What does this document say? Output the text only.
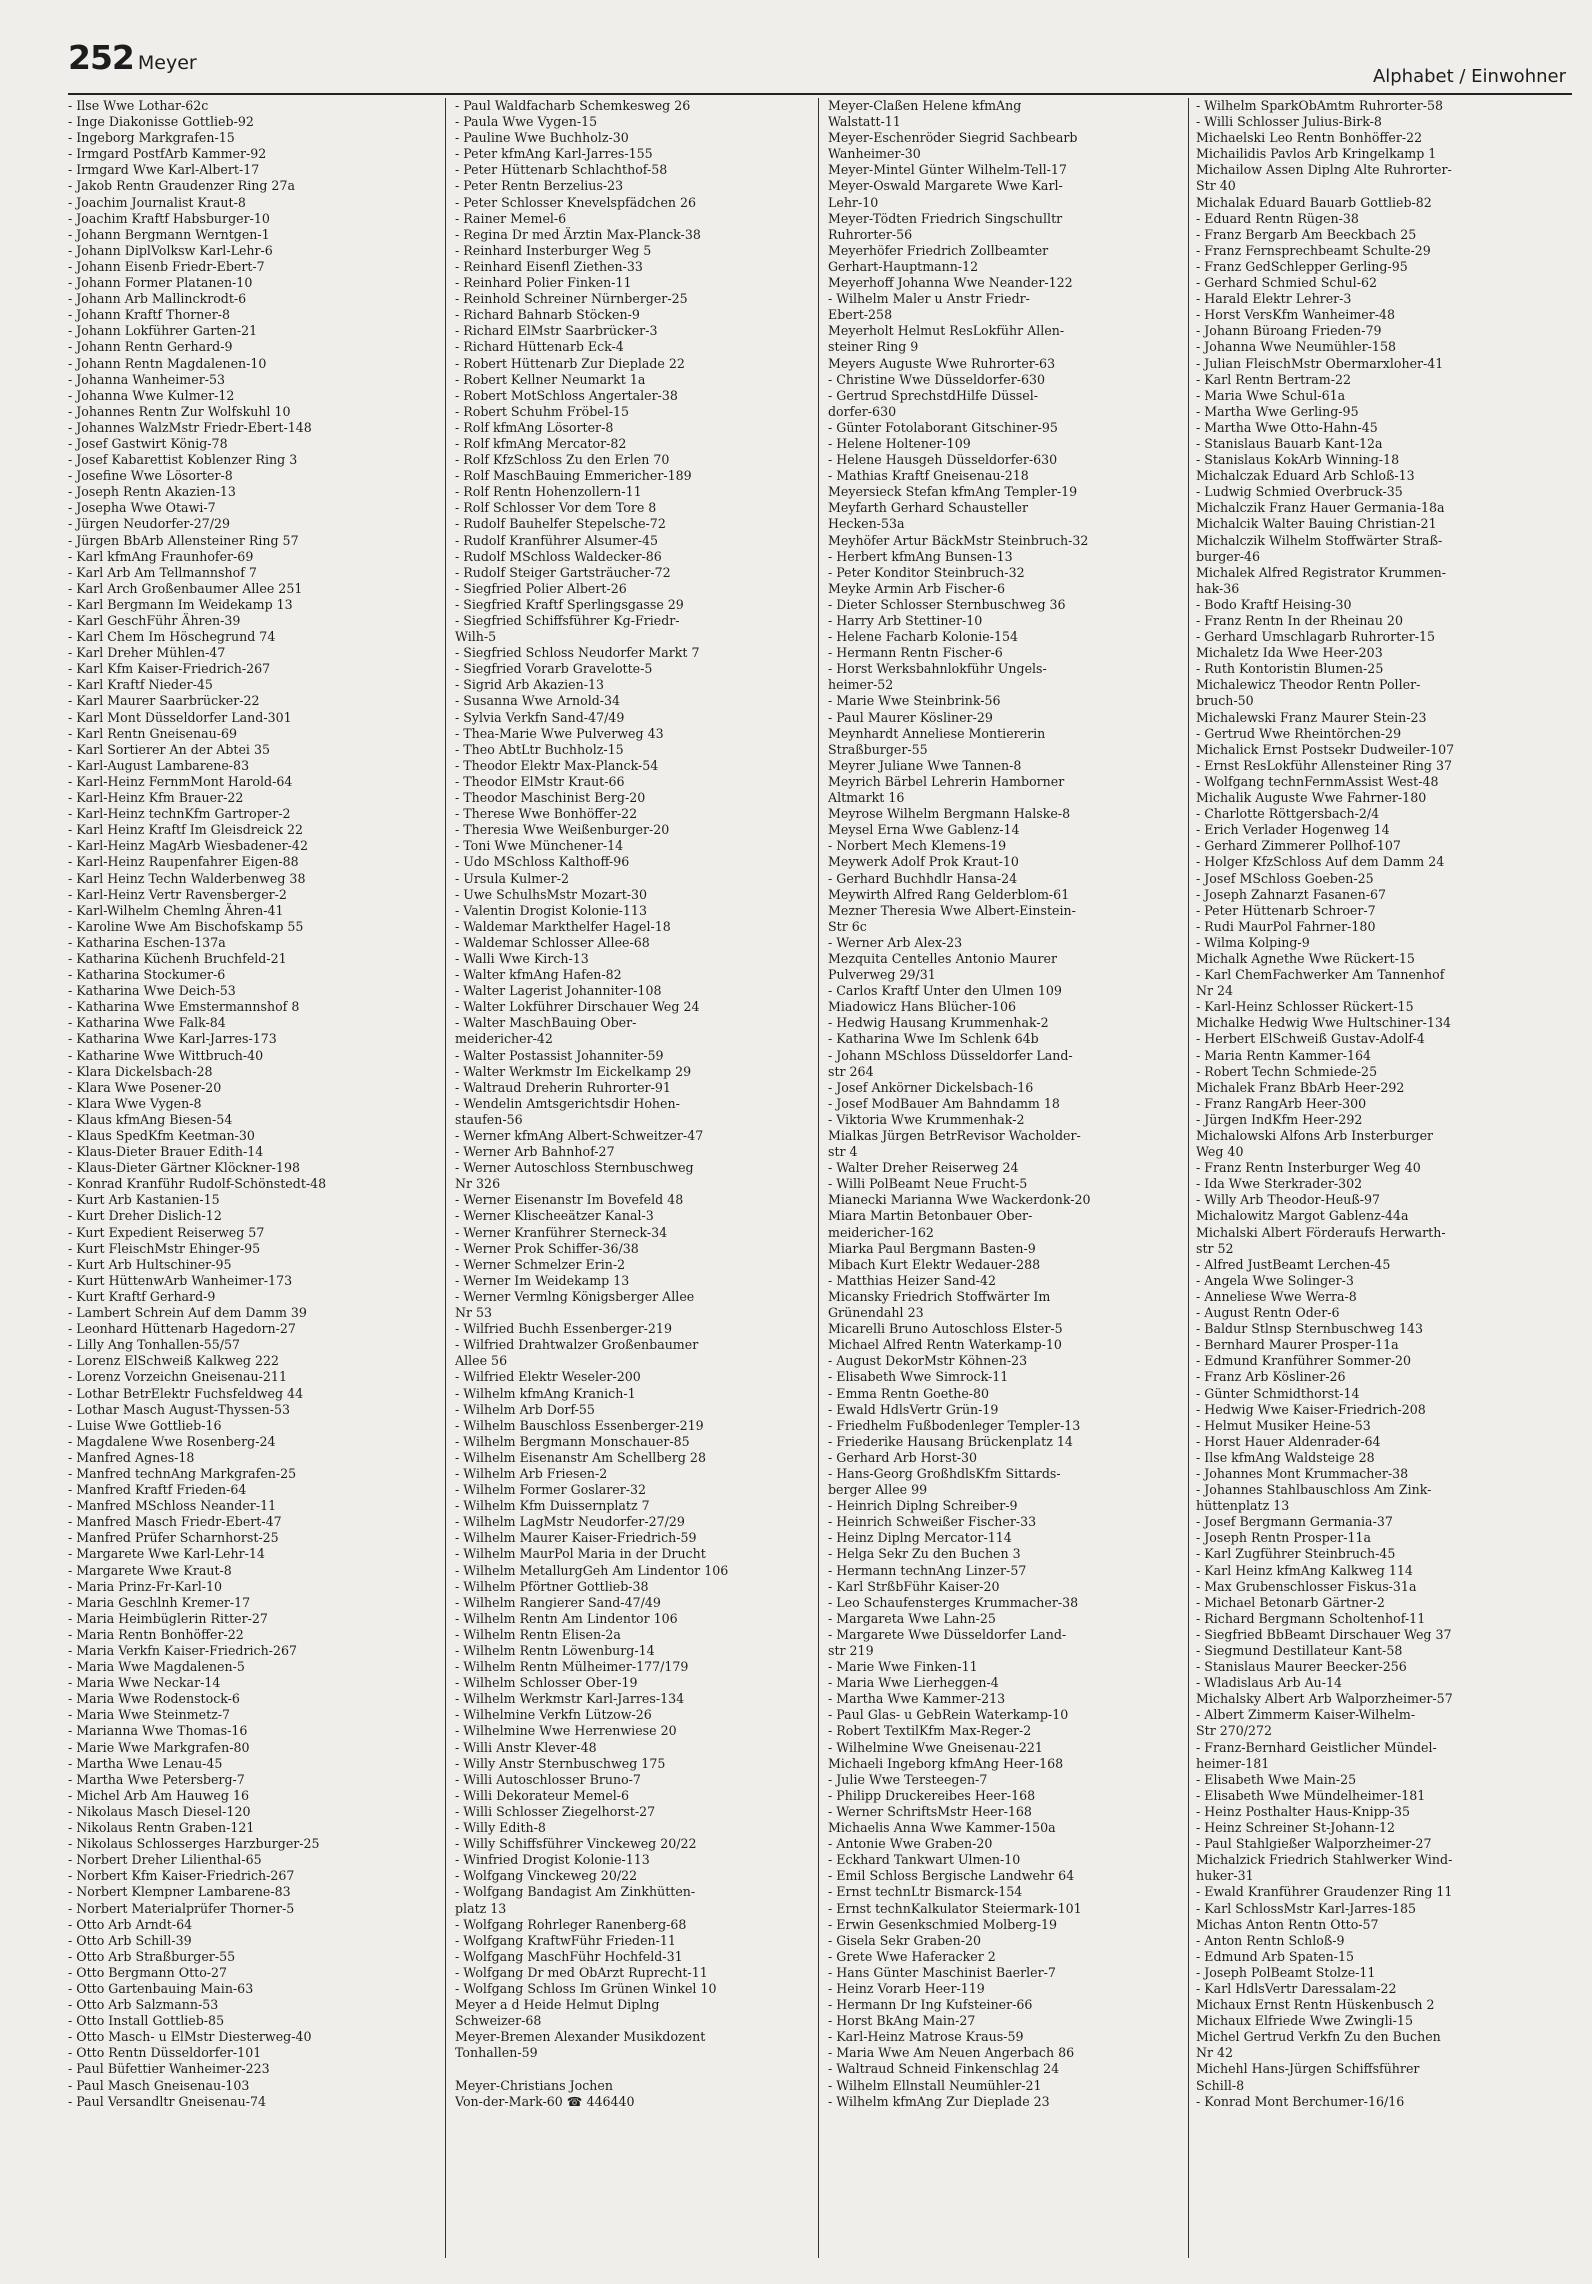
252 Meyer
Alphabet / Einwohner
- Ilse Wwe Lothar-62c
- Inge Diakonisse Gottlieb-92
- Ingeborg Markgrafen-15
- Irmgard PostfArb Kammer-92
- Irmgard Wwe Karl-Albert-17
- Jakob Rentn Graudenzer Ring 27a
- Joachim Journalist Kraut-8
- Joachim Kraftf Habsburger-10
- Johann Bergmann Werntgen-1
- Johann DiplVolksw Karl-Lehr-6
- Johann Eisenb Friedr-Ebert-7
- Johann Former Platanen-10
- Johann Arb Mallinckrodt-6
- Johann Kraftf Thorner-8
- Johann Lokführer Garten-21
- Johann Rentn Gerhard-9
- Johann Rentn Magdalenen-10
- Johanna Wanheimer-53
- Johanna Wwe Kulmer-12
- Johannes Rentn Zur Wolfskuhl 10
- Johannes WalzMstr Friedr-Ebert-148
- Josef Gastwirt König-78
- Josef Kabarettist Koblenzer Ring 3
- Josefine Wwe Lösorter-8
- Joseph Rentn Akazien-13
- Josepha Wwe Otawi-7
- Jürgen Neudorfer-27/29
- Jürgen BbArb Allensteiner Ring 57
- Karl kfmAng Fraunhofer-69
- Karl Arb Am Tellmannshof 7
- Karl Arch Großenbaumer Allee 251
- Karl Bergmann Im Weidekamp 13
- Karl GeschFühr Ähren-39
- Karl Chem Im Höschegrund 74
- Karl Dreher Mühlen-47
- Karl Kfm Kaiser-Friedrich-267
- Karl Kraftf Nieder-45
- Karl Maurer Saarbrücker-22
- Karl Mont Düsseldorfer Land-301
- Karl Rentn Gneisenau-69
- Karl Sortierer An der Abtei 35
- Karl-August Lambarene-83
- Karl-Heinz FernmMont Harold-64
- Karl-Heinz Kfm Brauer-22
- Karl-Heinz technKfm Gartroper-2
- Karl Heinz Kraftf Im Gleisdreick 22
- Karl-Heinz MagArb Wiesbadener-42
- Karl-Heinz Raupenfahrer Eigen-88
- Karl Heinz Techn Walderbenweg 38
- Karl-Heinz Vertr Ravensberger-2
- Karl-Wilhelm Chemlng Ähren-41
- Karoline Wwe Am Bischofskamp 55
- Katharina Eschen-137a
- Katharina Küchenh Bruchfeld-21
- Katharina Stockumer-6
- Katharina Wwe Deich-53
- Katharina Wwe Emstermannshof 8
- Katharina Wwe Falk-84
- Katharina Wwe Karl-Jarres-173
- Katharine Wwe Wittbruch-40
- Klara Dickelsbach-28
- Klara Wwe Posener-20
- Klara Wwe Vygen-8
- Klaus kfmAng Biesen-54
- Klaus SpedKfm Keetman-30
- Klaus-Dieter Brauer Edith-14
- Klaus-Dieter Gärtner Klöckner-198
- Konrad Kranführ Rudolf-Schönstedt-48
- Kurt Arb Kastanien-15
- Kurt Dreher Dislich-12
- Kurt Expedient Reiserweg 57
- Kurt FleischMstr Ehinger-95
- Kurt Arb Hultschiner-95
- Kurt HüttenwArb Wanheimer-173
- Kurt Kraftf Gerhard-9
- Lambert Schrein Auf dem Damm 39
- Leonhard Hüttenarb Hagedorn-27
- Lilly Ang Tonhallen-55/57
- Lorenz ElSchweiß Kalkweg 222
- Lorenz Vorzeichn Gneisenau-211
- Lothar BetrElektr Fuchsfeldweg 44
- Lothar Masch August-Thyssen-53
- Luise Wwe Gottlieb-16
- Magdalene Wwe Rosenberg-24
- Manfred Agnes-18
- Manfred technAng Markgrafen-25
- Manfred Kraftf Frieden-64
- Manfred MSchloss Neander-11
- Manfred Masch Friedr-Ebert-47
- Manfred Prüfer Scharnhorst-25
- Margarete Wwe Karl-Lehr-14
- Margarete Wwe Kraut-8
- Maria Prinz-Fr-Karl-10
- Maria Geschlnh Kremer-17
- Maria Heimbüglerin Ritter-27
- Maria Rentn Bonhöffer-22
- Maria Verkfn Kaiser-Friedrich-267
- Maria Wwe Magdalenen-5
- Maria Wwe Neckar-14
- Maria Wwe Rodenstock-6
- Maria Wwe Steinmetz-7
- Marianna Wwe Thomas-16
- Marie Wwe Markgrafen-80
- Martha Wwe Lenau-45
- Martha Wwe Petersberg-7
- Michel Arb Am Hauweg 16
- Nikolaus Masch Diesel-120
- Nikolaus Rentn Graben-121
- Nikolaus Schlosserges Harzburger-25
- Norbert Dreher Lilienthal-65
- Norbert Kfm Kaiser-Friedrich-267
- Norbert Klempner Lambarene-83
- Norbert Materialprüfer Thorner-5
- Otto Arb Arndt-64
- Otto Arb Schill-39
- Otto Arb Straßburger-55
- Otto Bergmann Otto-27
- Otto Gartenbauing Main-63
- Otto Arb Salzmann-53
- Otto Install Gottlieb-85
- Otto Masch- u ElMstr Diesterweg-40
- Otto Rentn Düsseldorfer-101
- Paul Büfettier Wanheimer-223
- Paul Masch Gneisenau-103
- Paul Versandltr Gneisenau-74
- Paul Waldfacharb Schemkesweg 26
- Paula Wwe Vygen-15
- Pauline Wwe Buchholz-30
- Peter kfmAng Karl-Jarres-155
- Peter Hüttenarb Schlachthof-58
- Peter Rentn Berzelius-23
- Peter Schlosser Knevelspfädchen 26
- Rainer Memel-6
- Regina Dr med Ärztin Max-Planck-38
- Reinhard Insterburger Weg 5
- Reinhard Eisenfl Ziethen-33
- Reinhard Polier Finken-11
- Reinhold Schreiner Nürnberger-25
- Richard Bahnarb Stöcken-9
- Richard ElMstr Saarbrücker-3
- Richard Hüttenarb Eck-4
- Robert Hüttenarb Zur Dieplade 22
- Robert Kellner Neumarkt 1a
- Robert MotSchloss Angertaler-38
- Robert Schuhm Fröbel-15
- Rolf kfmAng Lösorter-8
- Rolf kfmAng Mercator-82
- Rolf KfzSchloss Zu den Erlen 70
- Rolf MaschBauing Emmericher-189
- Rolf Rentn Hohenzollern-11
- Rolf Schlosser Vor dem Tore 8
- Rudolf Bauhelfer Stepelsche-72
- Rudolf Kranführer Alsumer-45
- Rudolf MSchloss Waldecker-86
- Rudolf Steiger Gartsträucher-72
- Siegfried Polier Albert-26
- Siegfried Kraftf Sperlingsgasse 29
- Siegfried Schiffsführer Kg-Friedr-
Wilh-5
- Siegfried Schloss Neudorfer Markt 7
- Siegfried Vorarb Gravelotte-5
- Sigrid Arb Akazien-13
- Susanna Wwe Arnold-34
- Sylvia Verkfn Sand-47/49
- Thea-Marie Wwe Pulverweg 43
- Theo AbtLtr Buchholz-15
- Theodor Elektr Max-Planck-54
- Theodor ElMstr Kraut-66
- Theodor Maschinist Berg-20
- Therese Wwe Bonhöffer-22
- Theresia Wwe Weißenburger-20
- Toni Wwe Münchener-14
- Udo MSchloss Kalthoff-96
- Ursula Kulmer-2
- Uwe SchulhsMstr Mozart-30
- Valentin Drogist Kolonie-113
- Waldemar Markthelfer Hagel-18
- Waldemar Schlosser Allee-68
- Walli Wwe Kirch-13
- Walter kfmAng Hafen-82
- Walter Lagerist Johanniter-108
- Walter Lokführer Dirschauer Weg 24
- Walter MaschBauing Ober-
meidericher-42
- Walter Postassist Johanniter-59
- Walter Werkmstr Im Eickelkamp 29
- Waltraud Dreherin Ruhrorter-91
- Wendelin Amtsgerichtsdir Hohen-
staufen-56
- Werner kfmAng Albert-Schweitzer-47
- Werner Arb Bahnhof-27
- Werner Autoschloss Sternbuschweg
Nr 326
- Werner Eisenanstr Im Bovefeld 48
- Werner Klischeeätzer Kanal-3
- Werner Kranführer Sterneck-34
- Werner Prok Schiffer-36/38
- Werner Schmelzer Erin-2
- Werner Im Weidekamp 13
- Werner Vermlng Königsberger Allee
Nr 53
- Wilfried Buchh Essenberger-219
- Wilfried Drahtwalzer Großenbaumer
Allee 56
- Wilfried Elektr Weseler-200
- Wilhelm kfmAng Kranich-1
- Wilhelm Arb Dorf-55
- Wilhelm Bauschloss Essenberger-219
- Wilhelm Bergmann Monschauer-85
- Wilhelm Eisenanstr Am Schellberg 28
- Wilhelm Arb Friesen-2
- Wilhelm Former Goslarer-32
- Wilhelm Kfm Duissernplatz 7
- Wilhelm LagMstr Neudorfer-27/29
- Wilhelm Maurer Kaiser-Friedrich-59
- Wilhelm MaurPol Maria in der Drucht
- Wilhelm MetallurgGeh Am Lindentor 106
- Wilhelm Pförtner Gottlieb-38
- Wilhelm Rangierer Sand-47/49
- Wilhelm Rentn Am Lindentor 106
- Wilhelm Rentn Elisen-2a
- Wilhelm Rentn Löwenburg-14
- Wilhelm Rentn Mülheimer-177/179
- Wilhelm Schlosser Ober-19
- Wilhelm Werkmstr Karl-Jarres-134
- Wilhelmine Verkfn Lützow-26
- Wilhelmine Wwe Herrenwiese 20
- Willi Anstr Klever-48
- Willy Anstr Sternbuschweg 175
- Willi Autoschlosser Bruno-7
- Willi Dekorateur Memel-6
- Willi Schlosser Ziegelhorst-27
- Willy Edith-8
- Willy Schiffsführer Vinckeweg 20/22
- Winfried Drogist Kolonie-113
- Wolfgang Vinckeweg 20/22
- Wolfgang Bandagist Am Zinkhütten-
platz 13
- Wolfgang Rohrleger Ranenberg-68
- Wolfgang KraftwFühr Frieden-11
- Wolfgang MaschFühr Hochfeld-31
- Wolfgang Dr med ObArzt Ruprecht-11
- Wolfgang Schloss Im Grünen Winkel 10
Meyer a d Heide Helmut Diplng
Schweizer-68
Meyer-Bremen Alexander Musikdozent
Tonhallen-59

Meyer-Christians Jochen
Von-der-Mark-60 ☎ 446440
Meyer-Claßen Helene kfmAng
Walstatt-11
Meyer-Eschenröder Siegrid Sachbearb
Wanheimer-30
Meyer-Mintel Günter Wilhelm-Tell-17
Meyer-Oswald Margarete Wwe Karl-
Lehr-10
Meyer-Tödten Friedrich Singschulltr
Ruhrorter-56
Meyerhöfer Friedrich Zollbeamter
Gerhart-Hauptmann-12
Meyerhoff Johanna Wwe Neander-122
- Wilhelm Maler u Anstr Friedr-
Ebert-258
Meyerholt Helmut ResLokführ Allen-
steiner Ring 9
Meyers Auguste Wwe Ruhrorter-63
- Christine Wwe Düsseldorfer-630
- Gertrud SprechstdHilfe Düssel-
dorfer-630
- Günter Fotolaborant Gitschiner-95
- Helene Holtener-109
- Helene Hausgeh Düsseldorfer-630
- Mathias Kraftf Gneisenau-218
Meyersieck Stefan kfmAng Templer-19
Meyfarth Gerhard Schausteller
Hecken-53a
Meyhöfer Artur BäckMstr Steinbruch-32
- Herbert kfmAng Bunsen-13
- Peter Konditor Steinbruch-32
Meyke Armin Arb Fischer-6
- Dieter Schlosser Sternbuschweg 36
- Harry Arb Stettiner-10
- Helene Facharb Kolonie-154
- Hermann Rentn Fischer-6
- Horst Werksbahnlokführ Ungels-
heimer-52
- Marie Wwe Steinbrink-56
- Paul Maurer Kösliner-29
Meynhardt Anneliese Montiererin
Straßburger-55
Meyrer Juliane Wwe Tannen-8
Meyrich Bärbel Lehrerin Hamborner
Altmarkt 16
Meyrose Wilhelm Bergmann Halske-8
Meysel Erna Wwe Gablenz-14
- Norbert Mech Klemens-19
Meywerk Adolf Prok Kraut-10
- Gerhard Buchhdlr Hansa-24
Meywirth Alfred Rang Gelderblom-61
Mezner Theresia Wwe Albert-Einstein-
Str 6c
- Werner Arb Alex-23
Mezquita Centelles Antonio Maurer
Pulverweg 29/31
- Carlos Kraftf Unter den Ulmen 109
Miadowicz Hans Blücher-106
- Hedwig Hausang Krummenhak-2
- Katharina Wwe Im Schlenk 64b
- Johann MSchloss Düsseldorfer Land-
str 264
- Josef Ankörner Dickelsbach-16
- Josef ModBauer Am Bahndamm 18
- Viktoria Wwe Krummenhak-2
Mialkas Jürgen BetrRevisor Wacholder-
str 4
- Walter Dreher Reiserweg 24
- Willi PolBeamt Neue Frucht-5
Mianecki Marianna Wwe Wackerdonk-20
Miara Martin Betonbauer Ober-
meidericher-162
Miarka Paul Bergmann Basten-9
Mibach Kurt Elektr Wedauer-288
- Matthias Heizer Sand-42
Micansky Friedrich Stoffwärter Im
Grünendahl 23
Micarelli Bruno Autoschloss Elster-5
Michael Alfred Rentn Waterkamp-10
- August DekorMstr Köhnen-23
- Elisabeth Wwe Simrock-11
- Emma Rentn Goethe-80
- Ewald HdlsVertr Grün-19
- Friedhelm Fußbodenleger Templer-13
- Friederike Hausang Brückenplatz 14
- Gerhard Arb Horst-30
- Hans-Georg GroßhdlsKfm Sittards-
berger Allee 99
- Heinrich Diplng Schreiber-9
- Heinrich Schweißer Fischer-33
- Heinz Diplng Mercator-114
- Helga Sekr Zu den Buchen 3
- Hermann technAng Linzer-57
- Karl StrßbFühr Kaiser-20
- Leo Schaufensterges Krummacher-38
- Margareta Wwe Lahn-25
- Margarete Wwe Düsseldorfer Land-
str 219
- Marie Wwe Finken-11
- Maria Wwe Lierheggen-4
- Martha Wwe Kammer-213
- Paul Glas- u GebRein Waterkamp-10
- Robert TextilKfm Max-Reger-2
- Wilhelmine Wwe Gneisenau-221
Michaeli Ingeborg kfmAng Heer-168
- Julie Wwe Tersteegen-7
- Philipp Druckereibes Heer-168
- Werner SchriftsMstr Heer-168
Michaelis Anna Wwe Kammer-150a
- Antonie Wwe Graben-20
- Eckhard Tankwart Ulmen-10
- Emil Schloss Bergische Landwehr 64
- Ernst technLtr Bismarck-154
- Ernst technKalkulator Steiermark-101
- Erwin Gesenkschmied Molberg-19
- Gisela Sekr Graben-20
- Grete Wwe Haferacker 2
- Hans Günter Maschinist Baerler-7
- Heinz Vorarb Heer-119
- Hermann Dr Ing Kufsteiner-66
- Horst BkAng Main-27
- Karl-Heinz Matrose Kraus-59
- Maria Wwe Am Neuen Angerbach 86
- Waltraud Schneid Finkenschlag 24
- Wilhelm Ellnstall Neumühler-21
- Wilhelm kfmAng Zur Dieplade 23
- Wilhelm SparkObAmtm Ruhrorter-58
- Willi Schlosser Julius-Birk-8
Michaelski Leo Rentn Bonhöffer-22
Michailidis Pavlos Arb Kringelkamp 1
Michailow Assen Diplng Alte Ruhrorter-
Str 40
Michalak Eduard Bauarb Gottlieb-82
- Eduard Rentn Rügen-38
- Franz Bergarb Am Beeckbach 25
- Franz Fernsprechbeamt Schulte-29
- Franz GedSchlepper Gerling-95
- Gerhard Schmied Schul-62
- Harald Elektr Lehrer-3
- Horst VersKfm Wanheimer-48
- Johann Büroang Frieden-79
- Johanna Wwe Neumühler-158
- Julian FleischMstr Obermarxloher-41
- Karl Rentn Bertram-22
- Maria Wwe Schul-61a
- Martha Wwe Gerling-95
- Martha Wwe Otto-Hahn-45
- Stanislaus Bauarb Kant-12a
- Stanislaus KokArb Winning-18
Michalczak Eduard Arb Schloß-13
- Ludwig Schmied Overbruck-35
Michalczik Franz Hauer Germania-18a
Michalcik Walter Bauing Christian-21
Michalczik Wilhelm Stoffwärter Straß-
burger-46
Michalek Alfred Registrator Krummen-
hak-36
- Bodo Kraftf Heising-30
- Franz Rentn In der Rheinau 20
- Gerhard Umschlagarb Ruhrorter-15
Michaletz Ida Wwe Heer-203
- Ruth Kontoristin Blumen-25
Michalewicz Theodor Rentn Poller-
bruch-50
Michalewski Franz Maurer Stein-23
- Gertrud Wwe Rheintörchen-29
Michalick Ernst Postsekr Dudweiler-107
- Ernst ResLokführ Allensteiner Ring 37
- Wolfgang technFernmAssist West-48
Michalik Auguste Wwe Fahrner-180
- Charlotte Röttgersbach-2/4
- Erich Verlader Hogenweg 14
- Gerhard Zimmerer Pollhof-107
- Holger KfzSchloss Auf dem Damm 24
- Josef MSchloss Goeben-25
- Joseph Zahnarzt Fasanen-67
- Peter Hüttenarb Schroer-7
- Rudi MaurPol Fahrner-180
- Wilma Kolping-9
Michalk Agnethe Wwe Rückert-15
- Karl ChemFachwerker Am Tannenhof
Nr 24
- Karl-Heinz Schlosser Rückert-15
Michalke Hedwig Wwe Hultschiner-134
- Herbert ElSchweiß Gustav-Adolf-4
- Maria Rentn Kammer-164
- Robert Techn Schmiede-25
Michalek Franz BbArb Heer-292
- Franz RangArb Heer-300
- Jürgen IndKfm Heer-292
Michalowski Alfons Arb Insterburger
Weg 40
- Franz Rentn Insterburger Weg 40
- Ida Wwe Sterkrader-302
- Willy Arb Theodor-Heuß-97
Michalowitz Margot Gablenz-44a
Michalski Albert Förderaufs Herwarth-
str 52
- Alfred JustBeamt Lerchen-45
- Angela Wwe Solinger-3
- Anneliese Wwe Werra-8
- August Rentn Oder-6
- Baldur Stlnsp Sternbuschweg 143
- Bernhard Maurer Prosper-11a
- Edmund Kranführer Sommer-20
- Franz Arb Kösliner-26
- Günter Schmidthorst-14
- Hedwig Wwe Kaiser-Friedrich-208
- Helmut Musiker Heine-53
- Horst Hauer Aldenrader-64
- Ilse kfmAng Waldsteige 28
- Johannes Mont Krummacher-38
- Johannes Stahlbauschloss Am Zink-
hüttenplatz 13
- Josef Bergmann Germania-37
- Joseph Rentn Prosper-11a
- Karl Zugführer Steinbruch-45
- Karl Heinz kfmAng Kalkweg 114
- Max Grubenschlosser Fiskus-31a
- Michael Betonarb Gärtner-2
- Richard Bergmann Scholtenhof-11
- Siegfried BbBeamt Dirschauer Weg 37
- Siegmund Destillateur Kant-58
- Stanislaus Maurer Beecker-256
- Wladislaus Arb Au-14
Michalsky Albert Arb Walporzheimer-57
- Albert Zimmerm Kaiser-Wilhelm-
Str 270/272
- Franz-Bernhard Geistlicher Mündel-
heimer-181
- Elisabeth Wwe Main-25
- Elisabeth Wwe Mündelheimer-181
- Heinz Posthalter Haus-Knipp-35
- Heinz Schreiner St-Johann-12
- Paul Stahlgießer Walporzheimer-27
Michalzick Friedrich Stahlwerker Wind-
huker-31
- Ewald Kranführer Graudenzer Ring 11
- Karl SchlossMstr Karl-Jarres-185
Michas Anton Rentn Otto-57
- Anton Rentn Schloß-9
- Edmund Arb Spaten-15
- Joseph PolBeamt Stolze-11
- Karl HdlsVertr Daressalam-22
Michaux Ernst Rentn Hüskenbusch 2
Michaux Elfriede Wwe Zwingli-15
Michel Gertrud Verkfn Zu den Buchen
Nr 42
Michehl Hans-Jürgen Schiffsführer
Schill-8
- Konrad Mont Berchumer-16/16
